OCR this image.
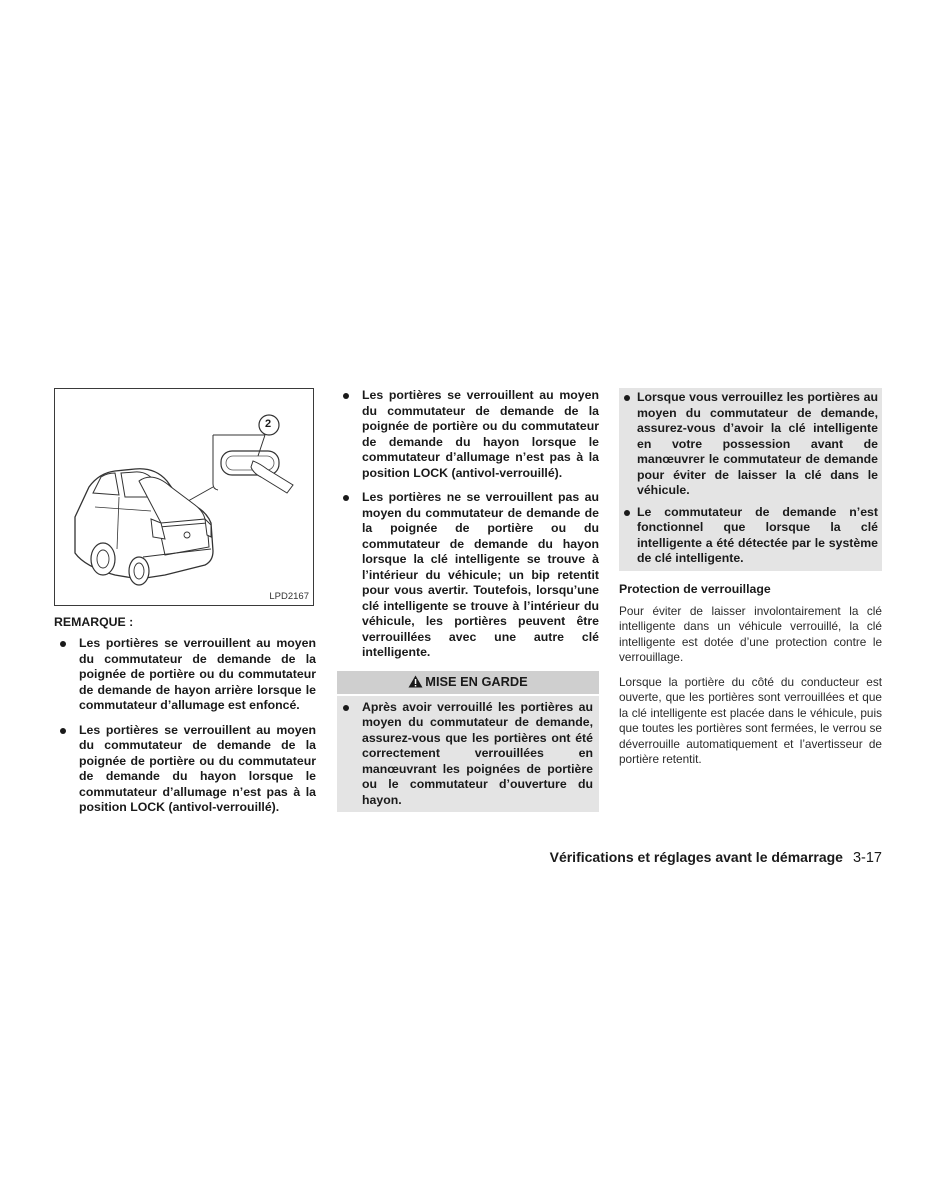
2
LPD2167
REMARQUE :
Les portières se verrouillent au moyen du commutateur de demande de la poignée de portière ou du commutateur de demande de hayon arrière lorsque le commutateur d’allumage est enfoncé.
Les portières se verrouillent au moyen du commutateur de demande de la poignée de portière ou du commutateur de demande du hayon lorsque le commutateur d’allumage n’est pas à la position LOCK (antivol-verrouillé).
Les portières se verrouillent au moyen du commutateur de demande de la poignée de portière ou du commutateur de demande du hayon lorsque le commutateur d’allumage n’est pas à la position LOCK (antivol-verrouillé).
Les portières ne se verrouillent pas au moyen du commutateur de demande de la poignée de portière ou du commutateur de demande du hayon lorsque la clé intelligente se trouve à l’intérieur du véhicule; un bip retentit pour vous avertir. Toutefois, lorsqu’une clé intelligente se trouve à l’intérieur du véhicule, les portières peuvent être verrouillées avec une autre clé intelligente.
MISE EN GARDE
Après avoir verrouillé les portières au moyen du commutateur de demande, assurez-vous que les portières ont été correctement verrouillées en manœuvrant les poignées de portière ou le commutateur d’ouverture du hayon.
Lorsque vous verrouillez les portières au moyen du commutateur de demande, assurez-vous d’avoir la clé intelligente en votre possession avant de manœuvrer le commutateur de demande pour éviter de laisser la clé dans le véhicule.
Le commutateur de demande n’est fonctionnel que lorsque la clé intelligente a été détectée par le système de clé intelligente.
Protection de verrouillage

Pour éviter de laisser involontairement la clé intelligente dans un véhicule verrouillé, la clé intelligente est dotée d’une protection contre le verrouillage.

Lorsque la portière du côté du conducteur est ouverte, que les portières sont verrouillées et que la clé intelligente est placée dans le véhicule, puis que toutes les portières sont fermées, le verrou se déverrouille automatiquement et l’avertisseur de portière retentit.

Vérifications et réglages avant le démarrage 3-17
